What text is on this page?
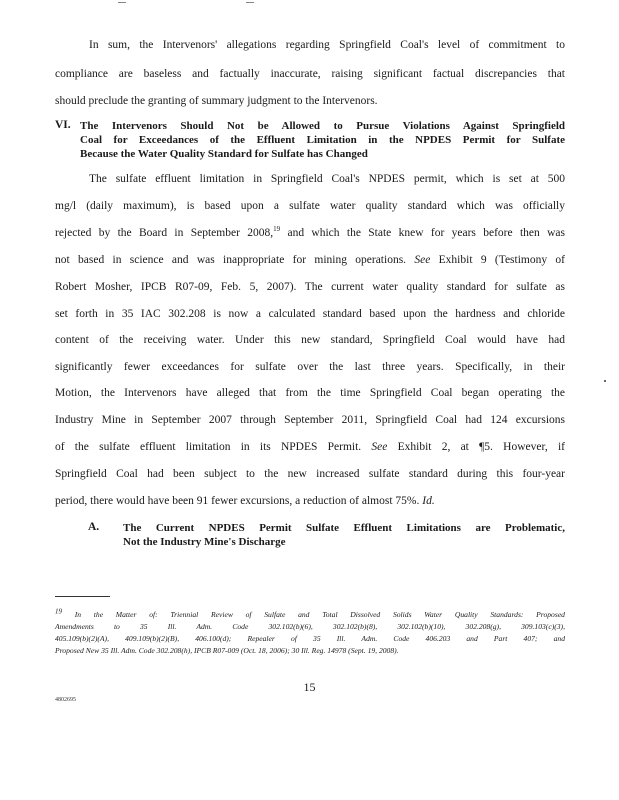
In sum, the Intervenors' allegations regarding Springfield Coal's level of commitment to
compliance are baseless and factually inaccurate, raising significant factual discrepancies that
should preclude the granting of summary judgment to the Intervenors.
VI. The Intervenors Should Not be Allowed to Pursue Violations Against Springfield
Coal for Exceedances of the Effluent Limitation in the NPDES Permit for Sulfate
Because the Water Quality Standard for Sulfate has Changed
The sulfate effluent limitation in Springfield Coal's NPDES permit, which is set at 500
mg/l (daily maximum), is based upon a sulfate water quality standard which was officially
rejected by the Board in September 2008,19 and which the State knew for years before then was
not based in science and was inappropriate for mining operations. See Exhibit 9 (Testimony of
Robert Mosher, IPCB R07-09, Feb. 5, 2007). The current water quality standard for sulfate as
set forth in 35 IAC 302.208 is now a calculated standard based upon the hardness and chloride
content of the receiving water. Under this new standard, Springfield Coal would have had
significantly fewer exceedances for sulfate over the last three years. Specifically, in their
Motion, the Intervenors have alleged that from the time Springfield Coal began operating the
Industry Mine in September 2007 through September 2011, Springfield Coal had 124 excursions
of the sulfate effluent limitation in its NPDES Permit. See Exhibit 2, at ¶5. However, if
Springfield Coal had been subject to the new increased sulfate standard during this four-year
period, there would have been 91 fewer excursions, a reduction of almost 75%. Id.
A. The Current NPDES Permit Sulfate Effluent Limitations are Problematic,
Not the Industry Mine's Discharge
$^{19}$ In the Matter of: Triennial Review of Sulfate and Total Dissolved Solids Water Quality Standards: Proposed
Amendments to 35 Ill. Adm. Code 302.102(b)(6), 302.102(b)(8), 302.102(b)(10), 302.208(g), 309.103(c)(3),
405.109(b)(2)(A), 409.109(b)(2)(B), 406.100(d); Repealer of 35 Ill. Adm. Code 406.203 and Part 407; and
Proposed New 35 Ill. Adm. Code 302.208(h), IPCB R07-009 (Oct. 18, 2006); 30 Ill. Reg. 14978 (Sept. 19, 2008).
15
4802695
